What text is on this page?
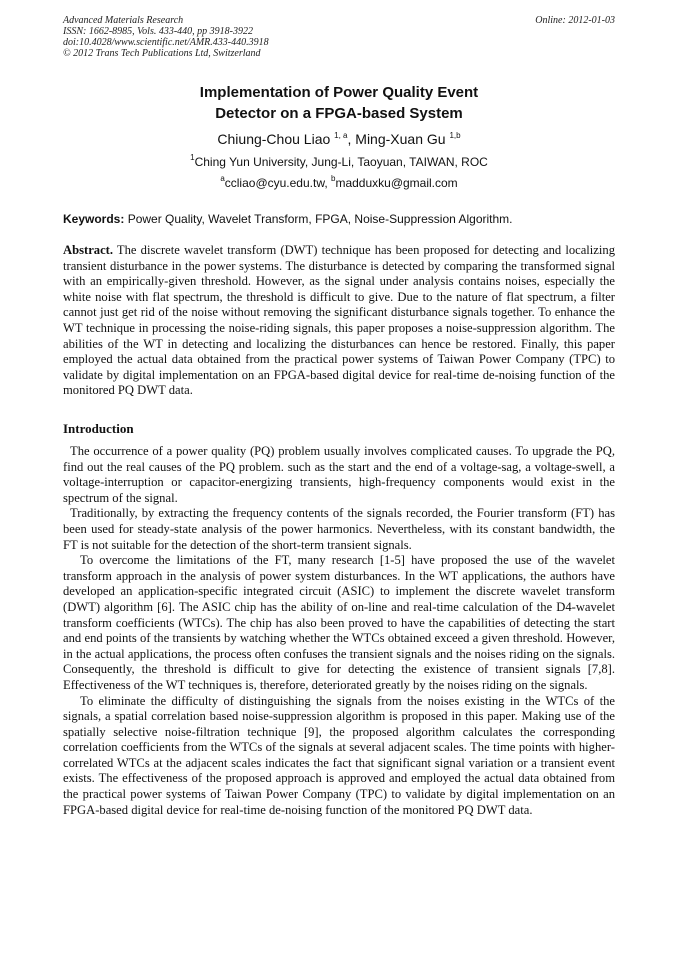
Advanced Materials Research
ISSN: 1662-8985, Vols. 433-440, pp 3918-3922
doi:10.4028/www.scientific.net/AMR.433-440.3918
© 2012 Trans Tech Publications Ltd, Switzerland
Online: 2012-01-03
Implementation of Power Quality Event
Detector on a FPGA-based System
Chiung-Chou Liao $^{1, a}$, Ming-Xuan Gu $^{1,b}$
$^1$Ching Yun University, Jung-Li, Taoyuan, TAIWAN, ROC
$^a$ccliao@cyu.edu.tw, $^b$madduxku@gmail.com
Keywords: Power Quality, Wavelet Transform, FPGA, Noise-Suppression Algorithm.

Abstract. The discrete wavelet transform (DWT) technique has been proposed for detecting and localizing transient disturbance in the power systems. The disturbance is detected by comparing the transformed signal with an empirically-given threshold. However, as the signal under analysis contains noises, especially the white noise with flat spectrum, the threshold is difficult to give. Due to the nature of flat spectrum, a filter cannot just get rid of the noise without removing the significant disturbance signals together. To enhance the WT technique in processing the noise-riding signals, this paper proposes a noise-suppression algorithm. The abilities of the WT in detecting and localizing the disturbances can hence be restored. Finally, this paper employed the actual data obtained from the practical power systems of Taiwan Power Company (TPC) to validate by digital implementation on an FPGA-based digital device for real-time de-noising function of the monitored PQ DWT data.

Introduction

The occurrence of a power quality (PQ) problem usually involves complicated causes. To upgrade the PQ, find out the real causes of the PQ problem. such as the start and the end of a voltage-sag, a voltage-swell, a voltage-interruption or capacitor-energizing transients, high-frequency components would exist in the spectrum of the signal.

Traditionally, by extracting the frequency contents of the signals recorded, the Fourier transform (FT) has been used for steady-state analysis of the power harmonics. Nevertheless, with its constant bandwidth, the FT is not suitable for the detection of the short-term transient signals.

To overcome the limitations of the FT, many research [1-5] have proposed the use of the wavelet transform approach in the analysis of power system disturbances. In the WT applications, the authors have developed an application-specific integrated circuit (ASIC) to implement the discrete wavelet transform (DWT) algorithm [6]. The ASIC chip has the ability of on-line and real-time calculation of the D4-wavelet transform coefficients (WTCs). The chip has also been proved to have the capabilities of detecting the start and end points of the transients by watching whether the WTCs obtained exceed a given threshold. However, in the actual applications, the process often confuses the transient signals and the noises riding on the signals. Consequently, the threshold is difficult to give for detecting the existence of transient signals [7,8]. Effectiveness of the WT techniques is, therefore, deteriorated greatly by the noises riding on the signals.

To eliminate the difficulty of distinguishing the signals from the noises existing in the WTCs of the signals, a spatial correlation based noise-suppression algorithm is proposed in this paper. Making use of the spatially selective noise-filtration technique [9], the proposed algorithm calculates the corresponding correlation coefficients from the WTCs of the signals at several adjacent scales. The time points with higher-correlated WTCs at the adjacent scales indicates the fact that significant signal variation or a transient event exists. The effectiveness of the proposed approach is approved and employed the actual data obtained from the practical power systems of Taiwan Power Company (TPC) to validate by digital implementation on an FPGA-based digital device for real-time de-noising function of the monitored PQ DWT data.
